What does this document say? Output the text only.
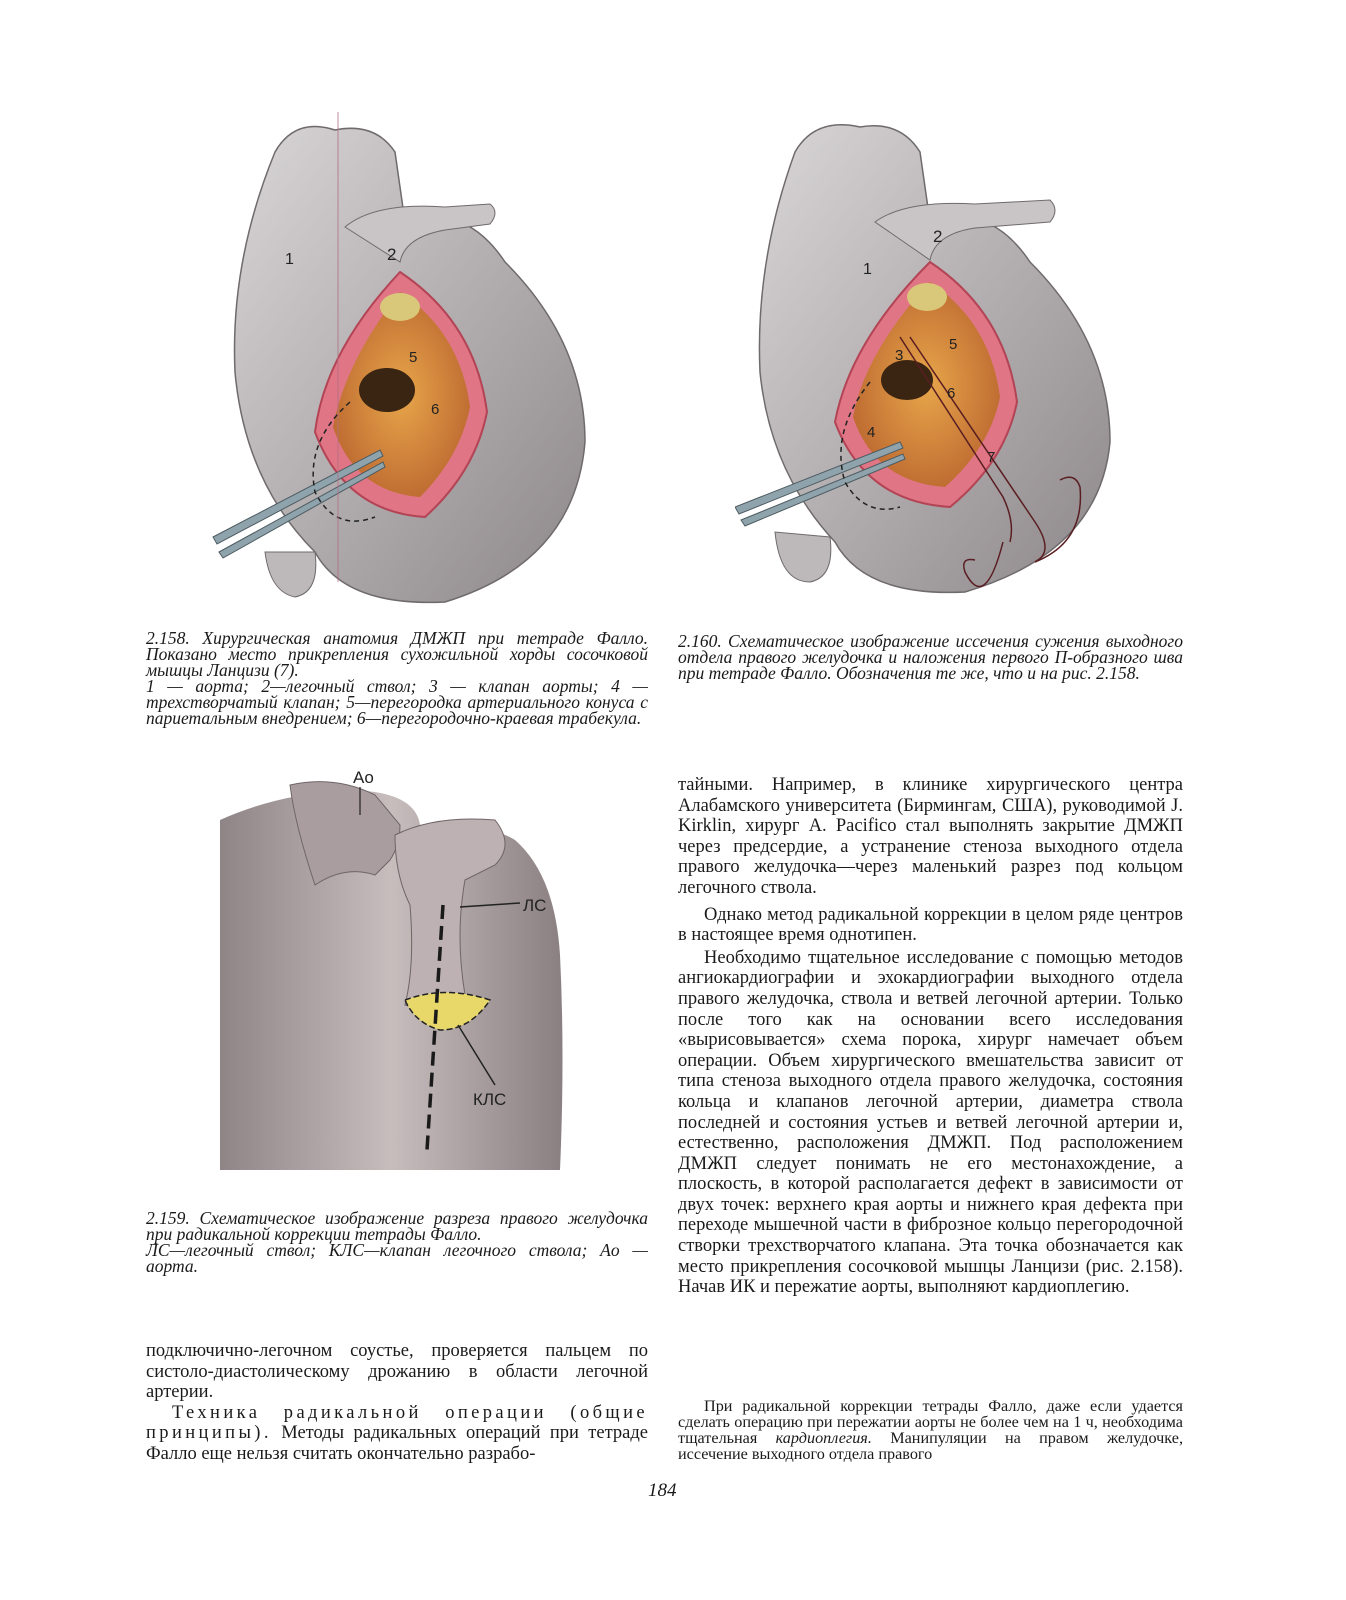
1	2
5
6

2.158. Хирургическая анатомия ДМЖП при тетраде Фалло. Показано место прикрепления сухожильной хорды сосочковой мышцы Ланцизи (7).

1 — аорта; 2—легочный ствол; 3 — клапан аорты; 4 — трехстворчатый клапан; 5—перегородка артериального конуса с париетальным внедрением; 6—перегородочно-краевая трабекула.

1
2
3
4
5
6
7

2.160. Схематическое изображение иссечения сужения выходного отдела правого желудочка и наложения первого П-образного шва при тетраде Фалло. Обозначения те же, что и на рис. 2.158.

Ao
ЛС
КЛС

2.159. Схематическое изображение разреза правого желудочка при радикальной коррекции тетрады Фалло.

ЛС—легочный ствол; КЛС—клапан легочного ствола; Ao — аорта.

подключично-легочном соустье, проверяется пальцем по систоло-диастолическому дрожанию в области легочной артерии.

Техника радикальной операции (общие принципы). Методы радикальных операций при тетраде Фалло еще нельзя считать окончательно разрабо-

тайными. Например, в клинике хирургического центра Алабамского университета (Бирмингам, США), руководимой J. Kirklin, хирург A. Pacifico стал выполнять закрытие ДМЖП через предсердие, а устранение стеноза выходного отдела правого желудочка—через маленький разрез под кольцом легочного ствола.

Однако метод радикальной коррекции в целом ряде центров в настоящее время однотипен.

Необходимо тщательное исследование с помощью методов ангиокардиографии и эхокардиографии выходного отдела правого желудочка, ствола и ветвей легочной артерии. Только после того как на основании всего исследования «вырисовывается» схема порока, хирург намечает объем операции. Объем хирургического вмешательства зависит от типа стеноза выходного отдела правого желудочка, состояния кольца и клапанов легочной артерии, диаметра ствола последней и состояния устьев и ветвей легочной артерии и, естественно, расположения ДМЖП. Под расположением ДМЖП следует понимать не его местонахождение, а плоскость, в которой располагается дефект в зависимости от двух точек: верхнего края аорты и нижнего края дефекта при переходе мышечной части в фиброзное кольцо перегородочной створки трехстворчатого клапана. Эта точка обозначается как место прикрепления сосочковой мышцы Ланцизи (рис. 2.158). Начав ИК и пережатие аорты, выполняют кардиоплегию.

При радикальной коррекции тетрады Фалло, даже если удается сделать операцию при пережатии аорты не более чем на 1 ч, необходима тщательная кардиоплегия. Манипуляции на правом желудочке, иссечение выходного отдела правого

184
